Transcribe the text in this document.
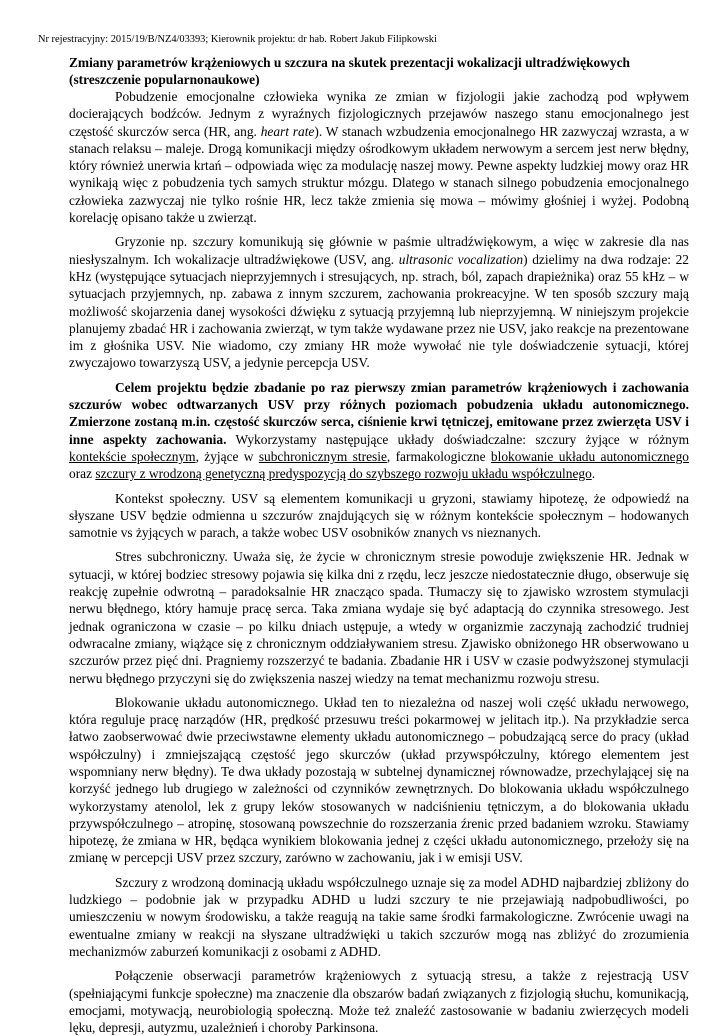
Nr rejestracyjny: 2015/19/B/NZ4/03393; Kierownik projektu: dr hab. Robert Jakub Filipkowski
Zmiany parametrów krążeniowych u szczura na skutek prezentacji wokalizacji ultradźwiękowych
(streszczenie popularnonaukowe)

Pobudzenie emocjonalne człowieka wynika ze zmian w fizjologii jakie zachodzą pod wpływem docierających bodźców. Jednym z wyraźnych fizjologicznych przejawów naszego stanu emocjonalnego jest częstość skurczów serca (HR, ang. heart rate). W stanach wzbudzenia emocjonalnego HR zazwyczaj wzrasta, a w stanach relaksu – maleje. Drogą komunikacji między ośrodkowym układem nerwowym a sercem jest nerw błędny, który również unerwia krtań – odpowiada więc za modulację naszej mowy. Pewne aspekty ludzkiej mowy oraz HR wynikają więc z pobudzenia tych samych struktur mózgu. Dlatego w stanach silnego pobudzenia emocjonalnego człowieka zazwyczaj nie tylko rośnie HR, lecz także zmienia się mowa – mówimy głośniej i wyżej. Podobną korelację opisano także u zwierząt.

Gryzonie np. szczury komunikują się głównie w paśmie ultradźwiękowym, a więc w zakresie dla nas niesłyszalnym. Ich wokalizacje ultradźwiękowe (USV, ang. ultrasonic vocalization) dzielimy na dwa rodzaje: 22 kHz (występujące sytuacjach nieprzyjemnych i stresujących, np. strach, ból, zapach drapieżnika) oraz 55 kHz – w sytuacjach przyjemnych, np. zabawa z innym szczurem, zachowania prokreacyjne. W ten sposób szczury mają możliwość skojarzenia danej wysokości dźwięku z sytuacją przyjemną lub nieprzyjemną. W niniejszym projekcie planujemy zbadać HR i zachowania zwierząt, w tym także wydawane przez nie USV, jako reakcje na prezentowane im z głośnika USV. Nie wiadomo, czy zmiany HR może wywołać nie tyle doświadczenie sytuacji, której zwyczajowo towarzyszą USV, a jedynie percepcja USV.

Celem projektu będzie zbadanie po raz pierwszy zmian parametrów krążeniowych i zachowania szczurów wobec odtwarzanych USV przy różnych poziomach pobudzenia układu autonomicznego. Zmierzone zostaną m.in. częstość skurczów serca, ciśnienie krwi tętniczej, emitowane przez zwierzęta USV i inne aspekty zachowania. Wykorzystamy następujące układy doświadczalne: szczury żyjące w różnym kontekście społecznym, żyjące w subchronicznym stresie, farmakologiczne blokowanie układu autonomicznego oraz szczury z wrodzoną genetyczną predyspozycją do szybszego rozwoju układu współczulnego.

Kontekst społeczny. USV są elementem komunikacji u gryzoni, stawiamy hipotezę, że odpowiedź na słyszane USV będzie odmienna u szczurów znajdujących się w różnym kontekście społecznym – hodowanych samotnie vs żyjących w parach, a także wobec USV osobników znanych vs nieznanych.

Stres subchroniczny. Uważa się, że życie w chronicznym stresie powoduje zwiększenie HR. Jednak w sytuacji, w której bodziec stresowy pojawia się kilka dni z rzędu, lecz jeszcze niedostatecznie długo, obserwuje się reakcję zupełnie odwrotną – paradoksalnie HR znacząco spada. Tłumaczy się to zjawisko wzrostem stymulacji nerwu błędnego, który hamuje pracę serca. Taka zmiana wydaje się być adaptacją do czynnika stresowego. Jest jednak ograniczona w czasie – po kilku dniach ustępuje, a wtedy w organizmie zaczynają zachodzić trudniej odwracalne zmiany, wiążące się z chronicznym oddziaływaniem stresu. Zjawisko obniżonego HR obserwowano u szczurów przez pięć dni. Pragniemy rozszerzyć te badania. Zbadanie HR i USV w czasie podwyższonej stymulacji nerwu błędnego przyczyni się do zwiększenia naszej wiedzy na temat mechanizmu rozwoju stresu.

Blokowanie układu autonomicznego. Układ ten to niezależna od naszej woli część układu nerwowego, która reguluje pracę narządów (HR, prędkość przesuwu treści pokarmowej w jelitach itp.). Na przykładzie serca łatwo zaobserwować dwie przeciwstawne elementy układu autonomicznego – pobudzającą serce do pracy (układ współczulny) i zmniejszającą częstość jego skurczów (układ przywspółczulny, którego elementem jest wspomniany nerw błędny). Te dwa układy pozostają w subtelnej dynamicznej równowadze, przechylającej się na korzyść jednego lub drugiego w zależności od czynników zewnętrznych. Do blokowania układu współczulnego wykorzystamy atenolol, lek z grupy leków stosowanych w nadciśnieniu tętniczym, a do blokowania układu przywspółczulnego – atropinę, stosowaną powszechnie do rozszerzania źrenic przed badaniem wzroku. Stawiamy hipotezę, że zmiana w HR, będąca wynikiem blokowania jednej z części układu autonomicznego, przełoży się na zmianę w percepcji USV przez szczury, zarówno w zachowaniu, jak i w emisji USV.

Szczury z wrodzoną dominacją układu współczulnego uznaje się za model ADHD najbardziej zbliżony do ludzkiego – podobnie jak w przypadku ADHD u ludzi szczury te nie przejawiają nadpobudliwości, po umieszczeniu w nowym środowisku, a także reagują na takie same środki farmakologiczne. Zwrócenie uwagi na ewentualne zmiany w reakcji na słyszane ultradźwięki u takich szczurów mogą nas zbliżyć do zrozumienia mechanizmów zaburzeń komunikacji z osobami z ADHD.

Połączenie obserwacji parametrów krążeniowych z sytuacją stresu, a także z rejestracją USV (spełniającymi funkcje społeczne) ma znaczenie dla obszarów badań związanych z fizjologią słuchu, komunikacją, emocjami, motywacją, neurobiologią społeczną. Może też znaleźć zastosowanie w badaniu zwierzęcych modeli lęku, depresji, autyzmu, uzależnień i choroby Parkinsona.
